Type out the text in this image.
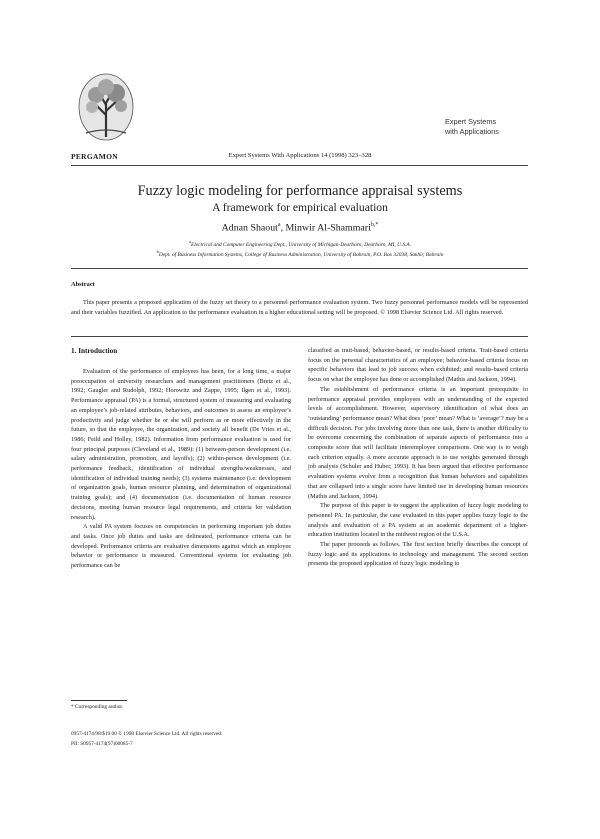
PERGAMON	Expert Systems With Applications 14 (1998) 323–328
Expert Systems
with Applications
Fuzzy logic modeling for performance appraisal systems
A framework for empirical evaluation
Adnan Shaout$^a$, Minwir Al-Shammari$^{b,*}$
$^a$Electrical and Computer Engineering Dept., University of Michigan-Dearborn, Dearborn, MI, U.S.A.
$^b$Dept. of Business Information Systems, College of Business Administration, University of Bahrain, P.O. Box 32038, Sakhir, Bahrain
Abstract
This paper presents a proposed application of the fuzzy set theory to a personnel performance evaluation system. Two fuzzy personnel performance models will be represented and their variables fuzzified. An application to the performance evaluation in a higher educational setting will be proposed. © 1998 Elsevier Science Ltd. All rights reserved.
1. Introduction

Evaluation of the performance of employees has been, for a long time, a major preoccupation of university researchers and management practitioners (Bretz et al., 1992; Gaugler and Rudolph, 1992; Horowitz and Zappe, 1995; Ilgen et al., 1993). Performance appraisal (PA) is a formal, structured system of measuring and evaluating an employee’s job-related attributes, behaviors, and outcomes to assess an employee’s productivity and judge whether he or she will perform as or more effectively in the future, so that the employee, the organization, and society all benefit (De Vries et al., 1986; Feild and Holley, 1982). Information from performance evaluation is used for four principal purposes (Cleveland et al., 1989): (1) between-person development (i.e. salary administration, promotion, and layoffs); (2) within-person development (i.e. performance feedback, identification of individual strengths/weaknesses, and identification of individual training needs); (3) systems maintenance (i.e. development of organization goals, human resource planning, and determination of organizational training goals); and (4) documentation (i.e. documentation of human resource decisions, meeting human resource legal requirements, and criteria for validation research).

A valid PA system focuses on competencies in performing important job duties and tasks. Once job duties and tasks are delineated, performance criteria can be developed. Performance criteria are evaluative dimensions against which an employee behavior or performance is measured. Conventional systems for evaluating job performance can be

classified as trait-based, behavior-based, or results-based criteria. Trait-based criteria focus on the personal characteristics of an employee; behavior-based criteria focus on specific behaviors that lead to job success when exhibited; and results-based criteria focus on what the employee has done or accomplished (Mathis and Jackson, 1994).

The establishment of performance criteria is an important prerequisite to performance appraisal provides employees with an understanding of the expected levels of accomplishment. However, supervisory identification of what does an ‘outstanding’ performance mean? What does ‘poor’ mean? What is ‘average’? may be a difficult decision. For jobs involving more than one task, there is another difficulty to be overcome concerning the combination of separate aspects of performance into a composite score that will facilitate interemployee comparisons. One way is to weigh each criterion equally. A more accurate approach is to use weights generated through job analysis (Schuler and Huber, 1993). It has been argued that effective performance evaluation systems evolve from a recognition that human behaviors and capabilities that are collapsed into a single score have limited use in developing human resources (Mathis and Jackson, 1994).

The purpose of this paper is to suggest the application of fuzzy logic modeling to personnel PA. In particular, the case evaluated in this paper applies fuzzy logic to the analysis and evaluation of a PA system at an academic department of a higher-education institution located in the midwest region of the U.S.A.

The paper proceeds as follows. The first section briefly describes the concept of fuzzy logic and its applications to technology and management. The second section presents the proposed application of fuzzy logic modeling to

* Corresponding author.
0957-4174/98/$19.00 © 1998 Elsevier Science Ltd. All rights reserved.
PII: S0957-4174(97)00085-7
